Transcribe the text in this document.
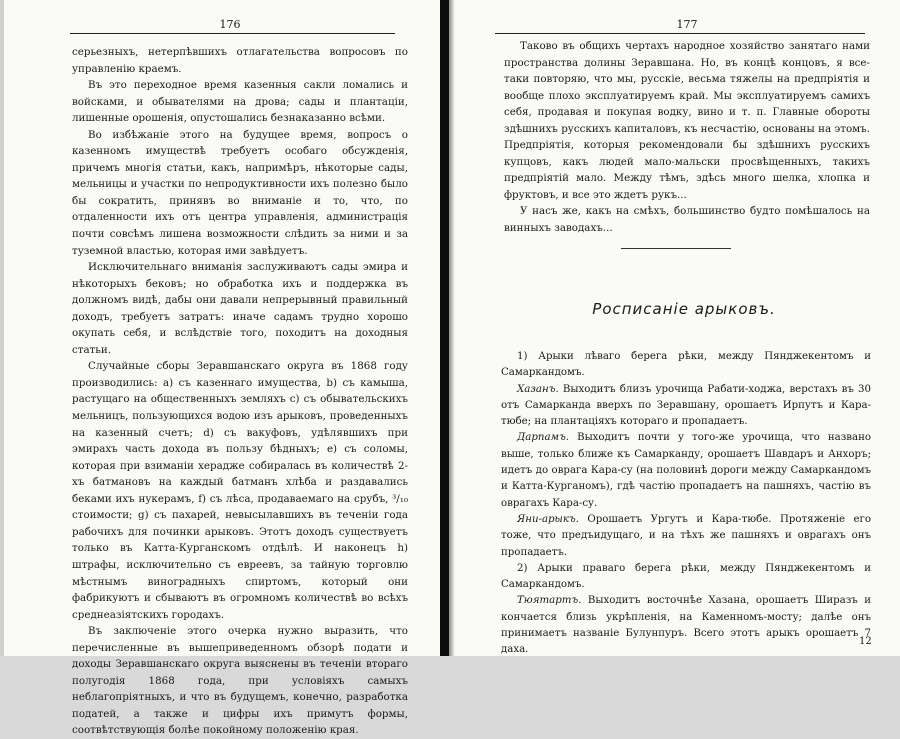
176

серьезныхъ, нетерпѣвшихъ отлагательства вопросовъ по управленію краемъ.

Въ это переходное время казенныя сакли ломались и войсками, и обывателями на дрова; сады и плантаціи, лишенные орошенія, опустошались безнаказанно всѣми.

Во избѣжаніе этого на будущее время, вопросъ о казенномъ имуществѣ требуетъ особаго обсужденія, причемъ многія статьи, какъ, напримѣръ, нѣкоторые сады, мельницы и участки по непродуктивности ихъ полезно было бы сократить, принявъ во вниманіе и то, что, по отдаленности ихъ отъ центра управленія, администрація почти совсѣмъ лишена возможности слѣдить за ними и за туземной властью, которая ими завѣдуетъ.

Исключительнаго вниманія заслуживаютъ сады эмира и нѣкоторыхъ бековъ; но обработка ихъ и поддержка въ должномъ видѣ, дабы они давали непрерывный правильный доходъ, требуетъ затратъ: иначе садамъ трудно хорошо окупать себя, и вслѣдствіе того, походитъ на доходныя статьи.

Случайные сборы Зеравшанскаго округа въ 1868 году производились: a) съ казеннаго имущества, b) съ камыша, растущаго на общественныхъ земляхъ c) съ обывательскихъ мельницъ, пользующихся водою изъ арыковъ, проведенныхъ на казенный счетъ; d) съ вакуфовъ, удѣлявшихъ при эмирахъ часть дохода въ пользу бѣдныхъ; e) съ соломы, которая при взиманіи херадже собиралась въ количествѣ 2-хъ батмановъ на каждый батманъ хлѣба и раздавались беками ихъ нукерамъ, f) съ лѣса, продаваемаго на срубъ, ³/₁₀ стоимости; g) съ пахарей, невысылавшихъ въ теченіи года рабочихъ для починки арыковъ. Этотъ доходъ существуетъ только въ Катта-Курганскомъ отдѣлѣ. И наконецъ h) штрафы, исключительно съ евреевъ, за тайную торговлю мѣстнымъ виноградныхъ спиртомъ, который они фабрикуютъ и сбываютъ въ огромномъ количествѣ во всѣхъ среднеазіятскихъ городахъ.

Въ заключеніе этого очерка нужно выразить, что перечисленные въ вышеприведенномъ обзорѣ подати и доходы Зеравшанскаго округа выяснены въ теченіи втораго полугодія 1868 года, при условіяхъ самыхъ неблагопріятныхъ, и что въ будущемъ, конечно, разработка податей, а также и цифры ихъ примутъ формы, соотвѣтствующія болѣе покойному положенію края.

177

Таково въ общихъ чертахъ народное хозяйство занятаго нами пространства долины Зеравшана. Но, въ концѣ концовъ, я все-таки повторяю, что мы, русскіе, весьма тяжелы на предпріятія и вообще плохо эксплуатируемъ край. Мы эксплуатируемъ самихъ себя, продавая и покупая водку, вино и т. п. Главные обороты здѣшнихъ русскихъ капиталовъ, къ несчастію, основаны на этомъ. Предпріятія, которыя рекомендовали бы здѣшнихъ русскихъ купцовъ, какъ людей мало-мальски просвѣщенныхъ, такихъ предпріятій мало. Между тѣмъ, здѣсь много шелка, хлопка и фруктовъ, и все это ждетъ рукъ...

У насъ же, какъ на смѣхъ, большинство будто помѣшалось на винныхъ заводахъ...

Росписаніе арыковъ.

1) Арыки лѣваго берега рѣки, между Пянджекентомъ и Самаркандомъ.

Хазанъ. Выходитъ близъ урочища Рабати-ходжа, верстахъ въ 30 отъ Самарканда вверхъ по Зеравшану, орошаетъ Ирпутъ и Кара-тюбе; на плантаціяхъ котораго и пропадаетъ.

Дарпамъ. Выходитъ почти у того-же урочища, что названо выше, только ближе къ Самарканду, орошаетъ Шавдаръ и Анхоръ; идетъ до оврага Кара-су (на половинѣ дороги между Самаркандомъ и Катта-Курганомъ), гдѣ частію пропадаетъ на пашняхъ, частію въ оврагахъ Кара-су.

Яни-арыкъ. Орошаетъ Ургутъ и Кара-тюбе. Протяженіе его тоже, что предъидущаго, и на тѣхъ же пашняхъ и оврагахъ онъ пропадаетъ.

2) Арыки праваго берега рѣки, между Пянджекентомъ и Самаркандомъ.

Тюятартъ. Выходитъ восточнѣе Хазана, орошаетъ Ширазъ и кончается близь укрѣпленія, на Каменномъ-мосту; далѣе онъ принимаетъ названіе Булунпуръ. Всего этотъ арыкъ орошаетъ 7 даха.

12
